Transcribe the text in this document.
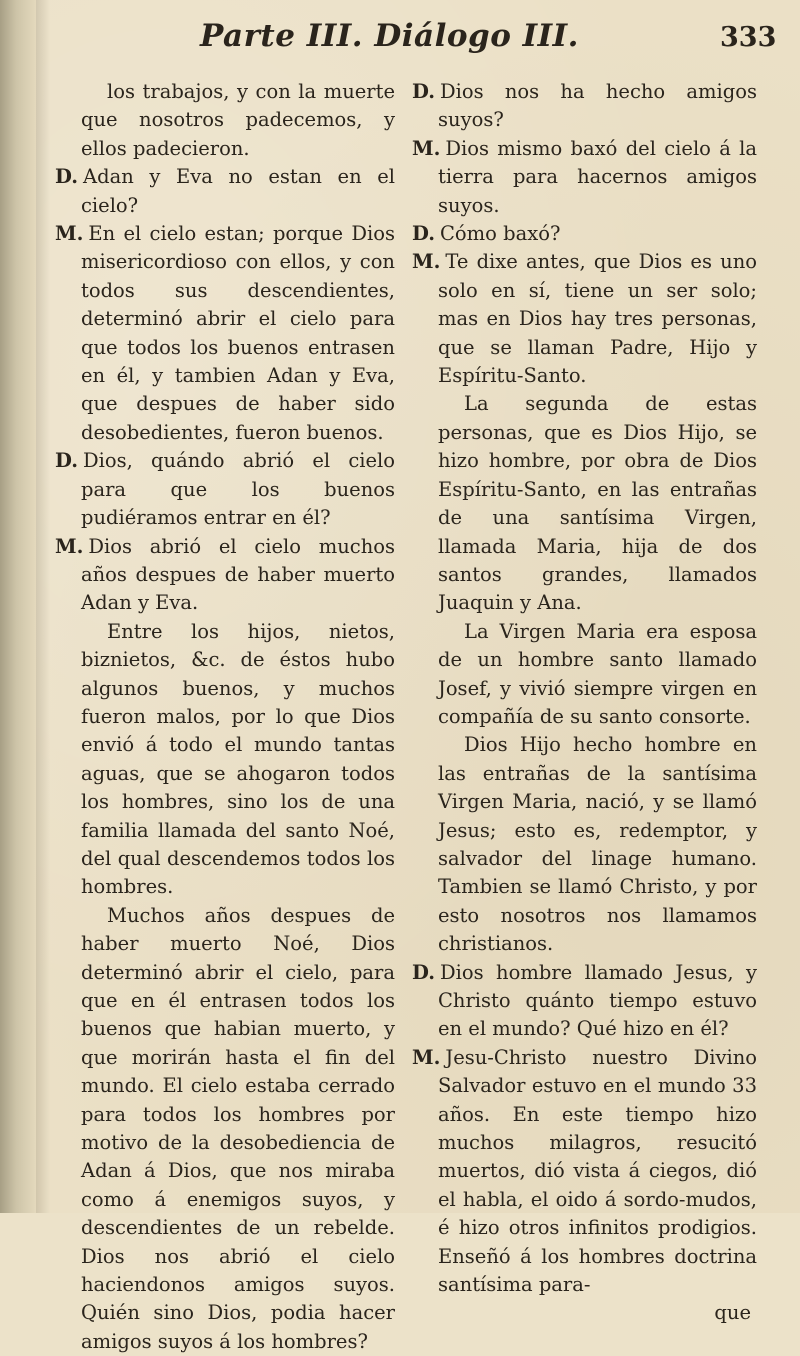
Parte III. Diálogo III.	333

los trabajos, y con la muerte que nosotros padecemos, y ellos padecieron.

D. Adan y Eva no estan en el cielo?

M. En el cielo estan; porque Dios misericordioso con ellos, y con todos sus descendientes, determinó abrir el cielo para que todos los buenos entrasen en él, y tambien Adan y Eva, que despues de haber sido desobedientes, fueron buenos.

D. Dios, quándo abrió el cielo para que los buenos pudiéramos entrar en él?

M. Dios abrió el cielo muchos años despues de haber muerto Adan y Eva.

Entre los hijos, nietos, biznietos, &c. de éstos hubo algunos buenos, y muchos fueron malos, por lo que Dios envió á todo el mundo tantas aguas, que se ahogaron todos los hombres, sino los de una familia llamada del santo Noé, del qual descendemos todos los hombres.

Muchos años despues de haber muerto Noé, Dios determinó abrir el cielo, para que en él entrasen todos los buenos que habian muerto, y que morirán hasta el fin del mundo. El cielo estaba cerrado para todos los hombres por motivo de la desobediencia de Adan á Dios, que nos miraba como á enemigos suyos, y descendientes de un rebelde. Dios nos abrió el cielo haciendonos amigos suyos. Quién sino Dios, podia hacer amigos suyos á los hombres?

D. Dios nos ha hecho amigos suyos?

M. Dios mismo baxó del cielo á la tierra para hacernos amigos suyos.

D. Cómo baxó?

M. Te dixe antes, que Dios es uno solo en sí, tiene un ser solo; mas en Dios hay tres personas, que se llaman Padre, Hijo y Espíritu-Santo.

La segunda de estas personas, que es Dios Hijo, se hizo hombre, por obra de Dios Espíritu-Santo, en las entrañas de una santísima Virgen, llamada Maria, hija de dos santos grandes, llamados Juaquin y Ana.

La Virgen Maria era esposa de un hombre santo llamado Josef, y vivió siempre virgen en compañía de su santo consorte.

Dios Hijo hecho hombre en las entrañas de la santísima Virgen Maria, nació, y se llamó Jesus; esto es, redemptor, y salvador del linage humano. Tambien se llamó Christo, y por esto nosotros nos llamamos christianos.

D. Dios hombre llamado Jesus, y Christo quánto tiempo estuvo en el mundo? Qué hizo en él?

M. Jesu-Christo nuestro Divino Salvador estuvo en el mundo 33 años. En este tiempo hizo muchos milagros, resucitó muertos, dió vista á ciegos, dió el habla, el oido á sordo-mudos, é hizo otros infinitos prodigios. Enseñó á los hombres doctrina santísima para-

que
